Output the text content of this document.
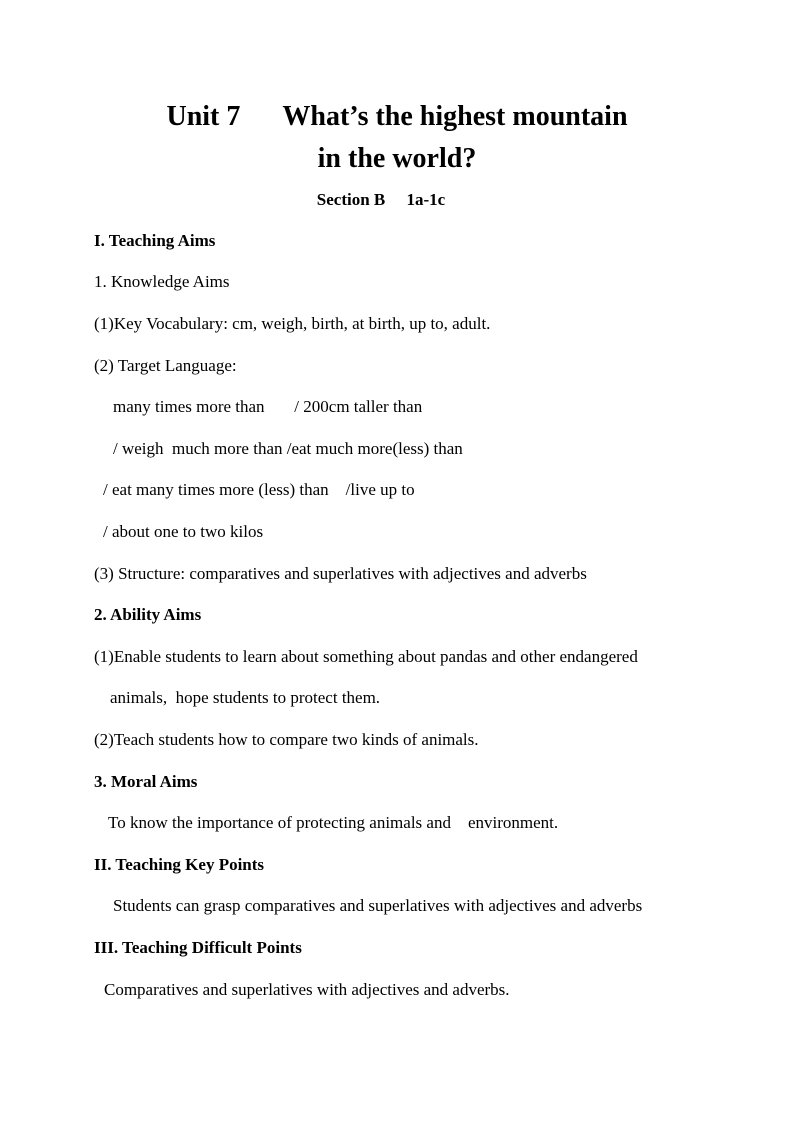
Unit 7 What’s the highest mountain
in the world?
Section B     1a-1c
I. Teaching Aims
1. Knowledge Aims
(1)Key Vocabulary: cm, weigh, birth, at birth, up to, adult.
(2) Target Language:
many times more than       / 200cm taller than
/ weigh  much more than /eat much more(less) than
/ eat many times more (less) than    /live up to
/ about one to two kilos
(3) Structure: comparatives and superlatives with adjectives and adverbs
2. Ability Aims
(1)Enable students to learn about something about pandas and other endangered
animals,  hope students to protect them.
(2)Teach students how to compare two kinds of animals.
3. Moral Aims
To know the importance of protecting animals and    environment.
II. Teaching Key Points
Students can grasp comparatives and superlatives with adjectives and adverbs
III. Teaching Difficult Points
Comparatives and superlatives with adjectives and adverbs.
